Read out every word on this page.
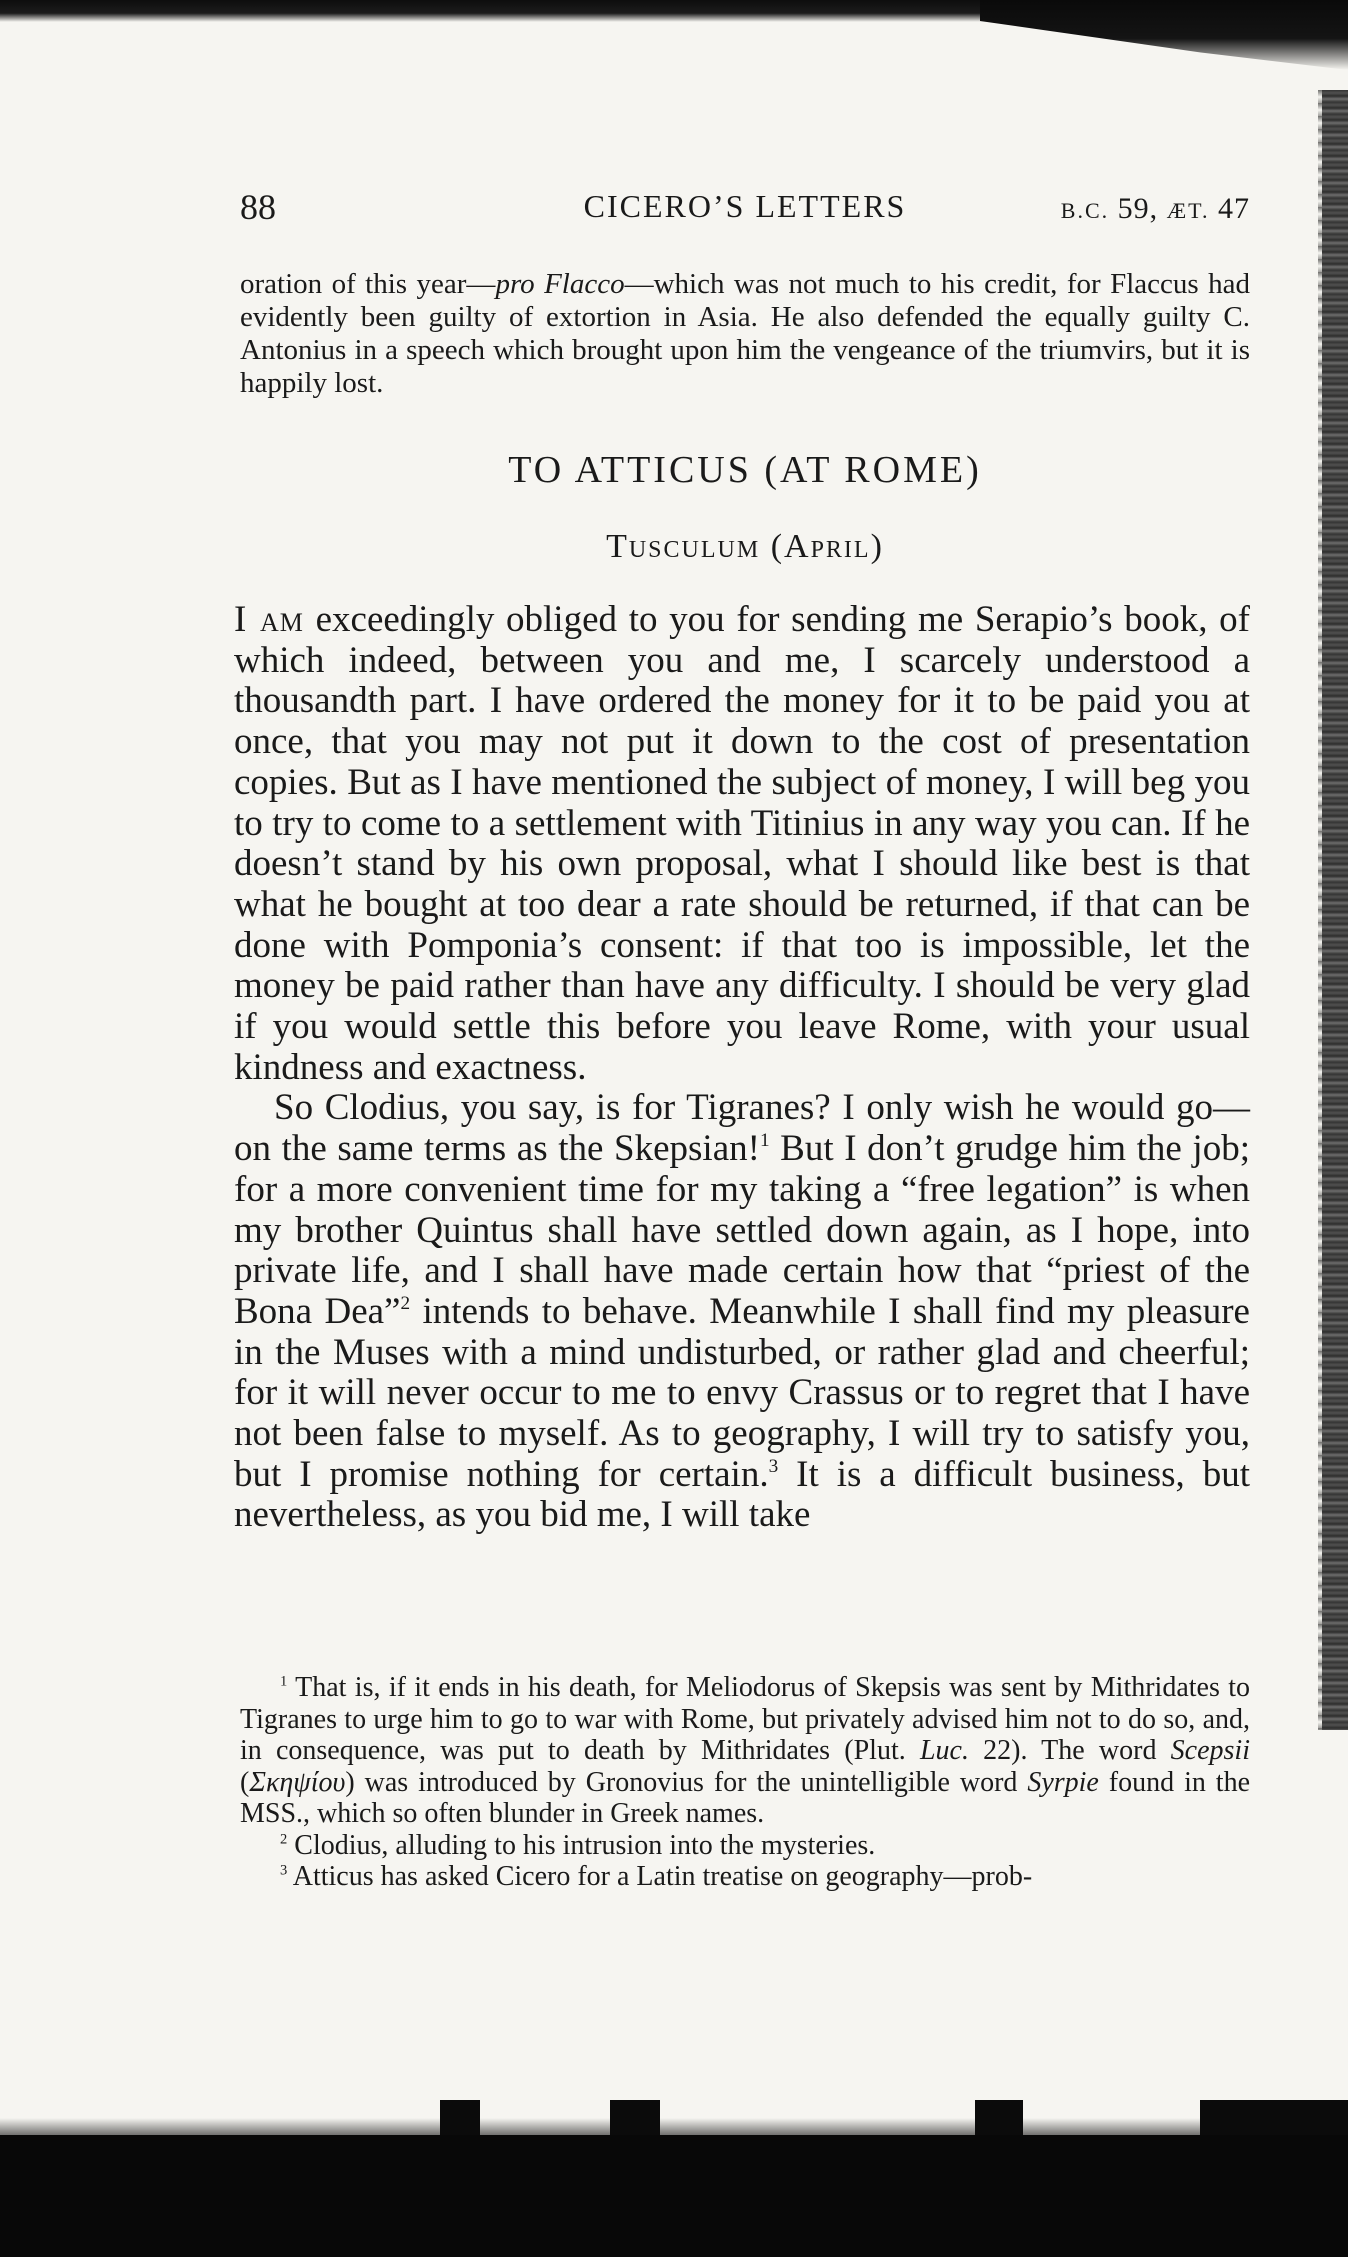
88	CICERO’S LETTERS	B.C. 59, ÆT. 47
oration of this year—pro Flacco—which was not much to his credit, for Flaccus had evidently been guilty of extortion in Asia. He also defended the equally guilty C. Antonius in a speech which brought upon him the vengeance of the triumvirs, but it is happily lost.
TO ATTICUS (AT ROME)
Tusculum (April)

I am exceedingly obliged to you for sending me Serapio’s book, of which indeed, between you and me, I scarcely understood a thousandth part. I have ordered the money for it to be paid you at once, that you may not put it down to the cost of presentation copies. But as I have mentioned the subject of money, I will beg you to try to come to a settlement with Titinius in any way you can. If he doesn’t stand by his own proposal, what I should like best is that what he bought at too dear a rate should be returned, if that can be done with Pomponia’s consent: if that too is impossible, let the money be paid rather than have any difficulty. I should be very glad if you would settle this before you leave Rome, with your usual kindness and exactness.

So Clodius, you say, is for Tigranes? I only wish he would go—on the same terms as the Skepsian!$^1$ But I don’t grudge him the job; for a more convenient time for my taking a “free legation” is when my brother Quintus shall have settled down again, as I hope, into private life, and I shall have made certain how that “priest of the Bona Dea”$^2$ intends to behave. Meanwhile I shall find my pleasure in the Muses with a mind undisturbed, or rather glad and cheerful; for it will never occur to me to envy Crassus or to regret that I have not been false to myself. As to geography, I will try to satisfy you, but I promise nothing for certain.$^3$ It is a difficult business, but nevertheless, as you bid me, I will take

$^1$ That is, if it ends in his death, for Meliodorus of Skepsis was sent by Mithridates to Tigranes to urge him to go to war with Rome, but privately advised him not to do so, and, in consequence, was put to death by Mithridates (Plut. Luc. 22). The word Scepsii (Σκηψίου) was introduced by Gronovius for the unintelligible word Syrpie found in the MSS., which so often blunder in Greek names.

$^2$ Clodius, alluding to his intrusion into the mysteries.

$^3$ Atticus has asked Cicero for a Latin treatise on geography—prob-
